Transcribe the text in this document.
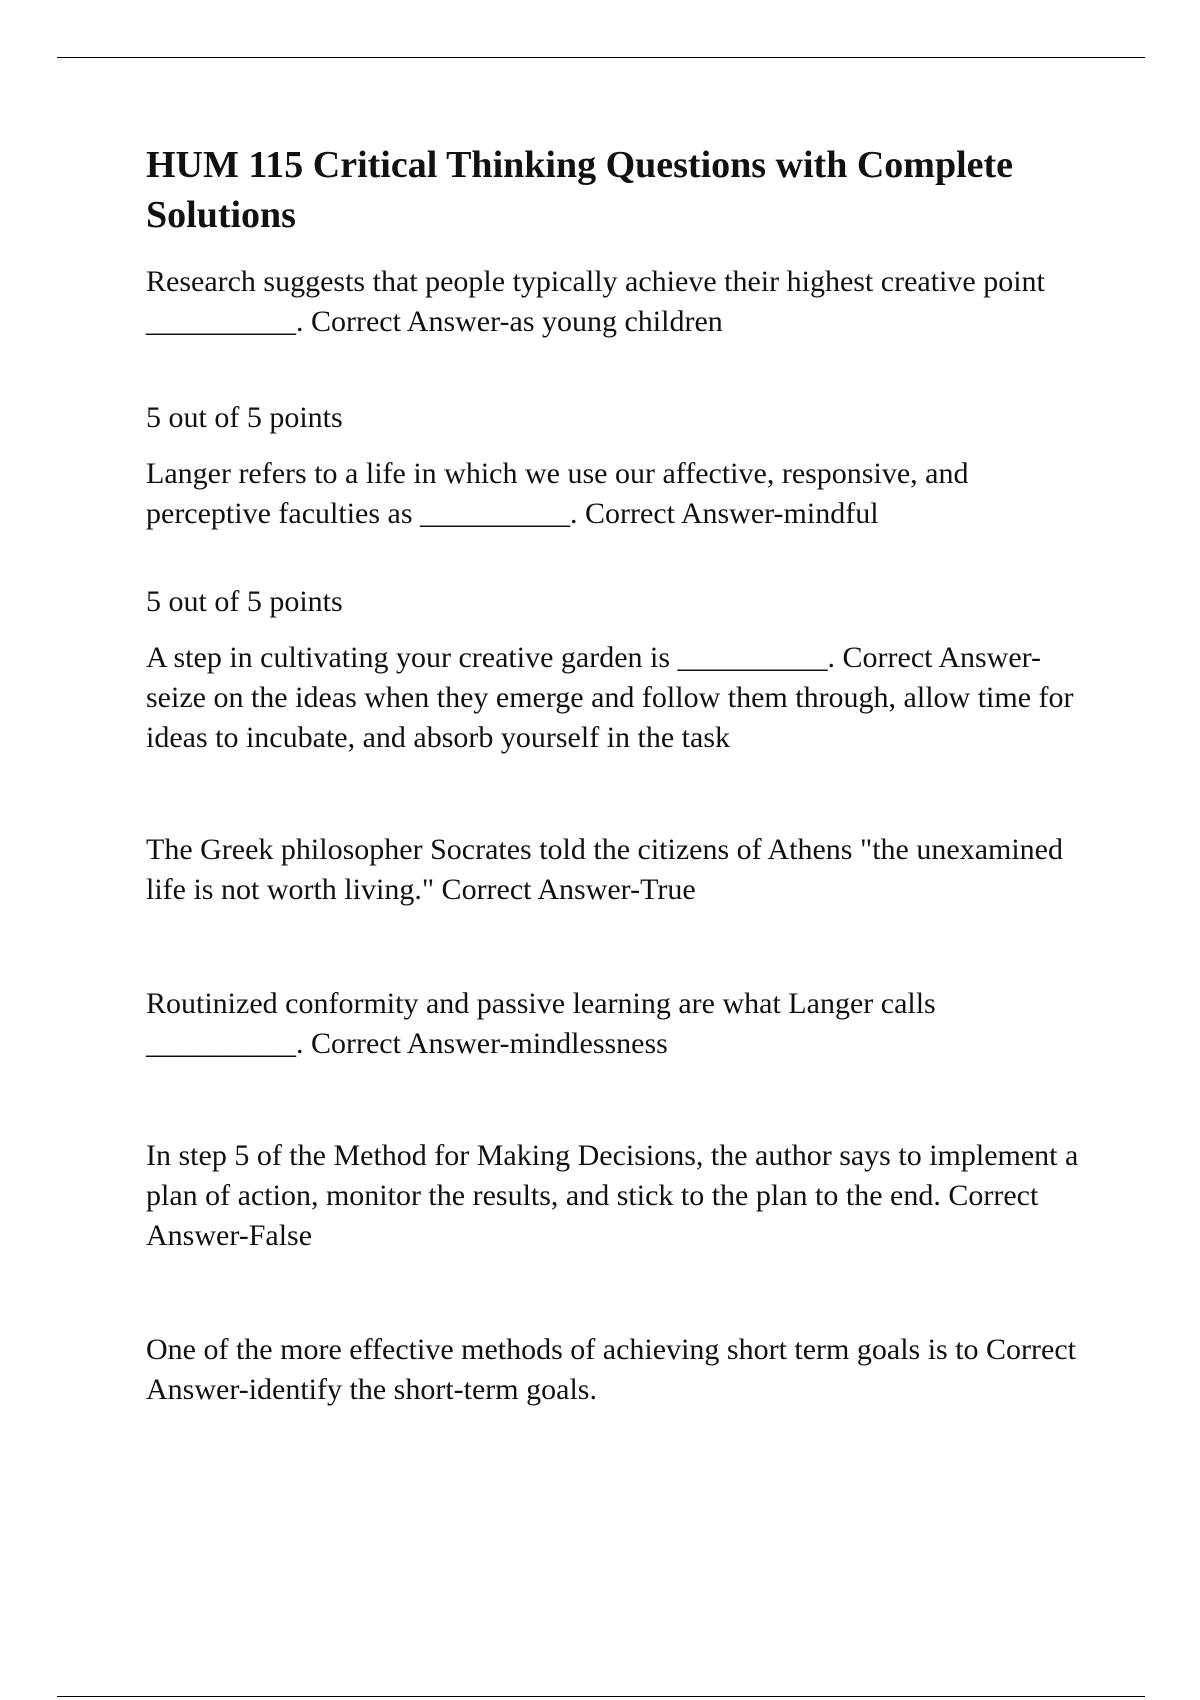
HUM 115 Critical Thinking Questions with Complete Solutions

Research suggests that people typically achieve their highest creative point __________. Correct Answer-as young children

5 out of 5 points

Langer refers to a life in which we use our affective, responsive, and perceptive faculties as __________. Correct Answer-mindful

5 out of 5 points

A step in cultivating your creative garden is __________. Correct Answer-seize on the ideas when they emerge and follow them through, allow time for ideas to incubate, and absorb yourself in the task

The Greek philosopher Socrates told the citizens of Athens "the unexamined life is not worth living." Correct Answer-True

Routinized conformity and passive learning are what Langer calls __________. Correct Answer-mindlessness

In step 5 of the Method for Making Decisions, the author says to implement a plan of action, monitor the results, and stick to the plan to the end. Correct Answer-False

One of the more effective methods of achieving short term goals is to Correct Answer-identify the short-term goals.
